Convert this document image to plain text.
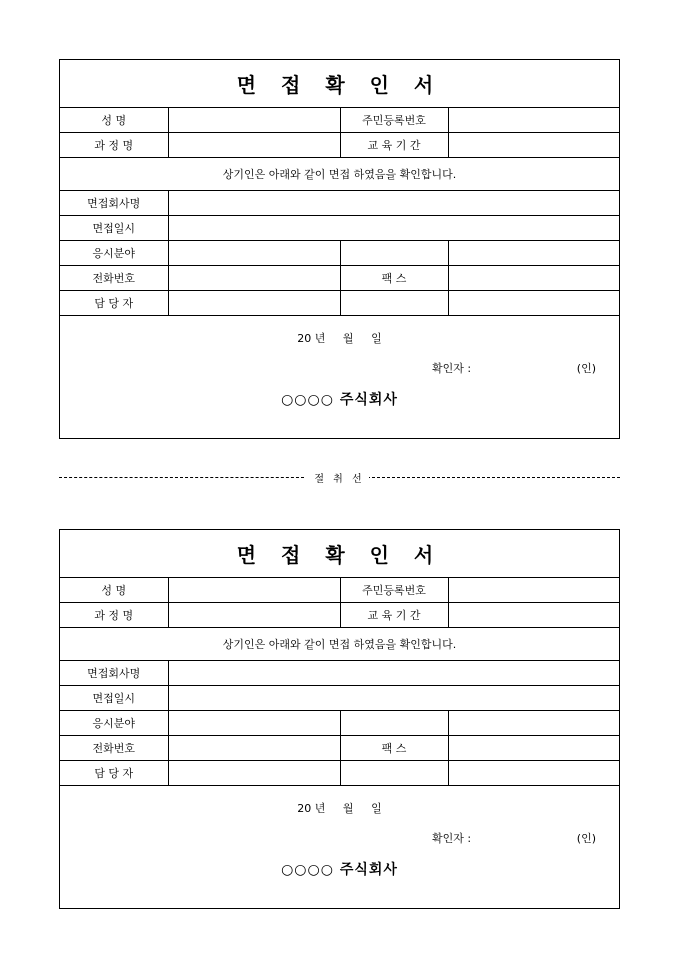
면 접 확 인 서			
성 명		주민등록번호	
과 정 명		교 육 기 간	
상기인은 아래와 같이 면접 하였음을 확인합니다.			
면접회사명			
면접일시			
응시분야			
전화번호		팩 스	
담 당 자			

20 년 월 일
확인자 : (인)
○○○○ 주식회사			
절 취 선
면 접 확 인 서			
성 명		주민등록번호	
과 정 명		교 육 기 간	
상기인은 아래와 같이 면접 하였음을 확인합니다.			
면접회사명			
면접일시			
응시분야			
전화번호		팩 스	
담 당 자			

20 년 월 일
확인자 : (인)
○○○○ 주식회사			
